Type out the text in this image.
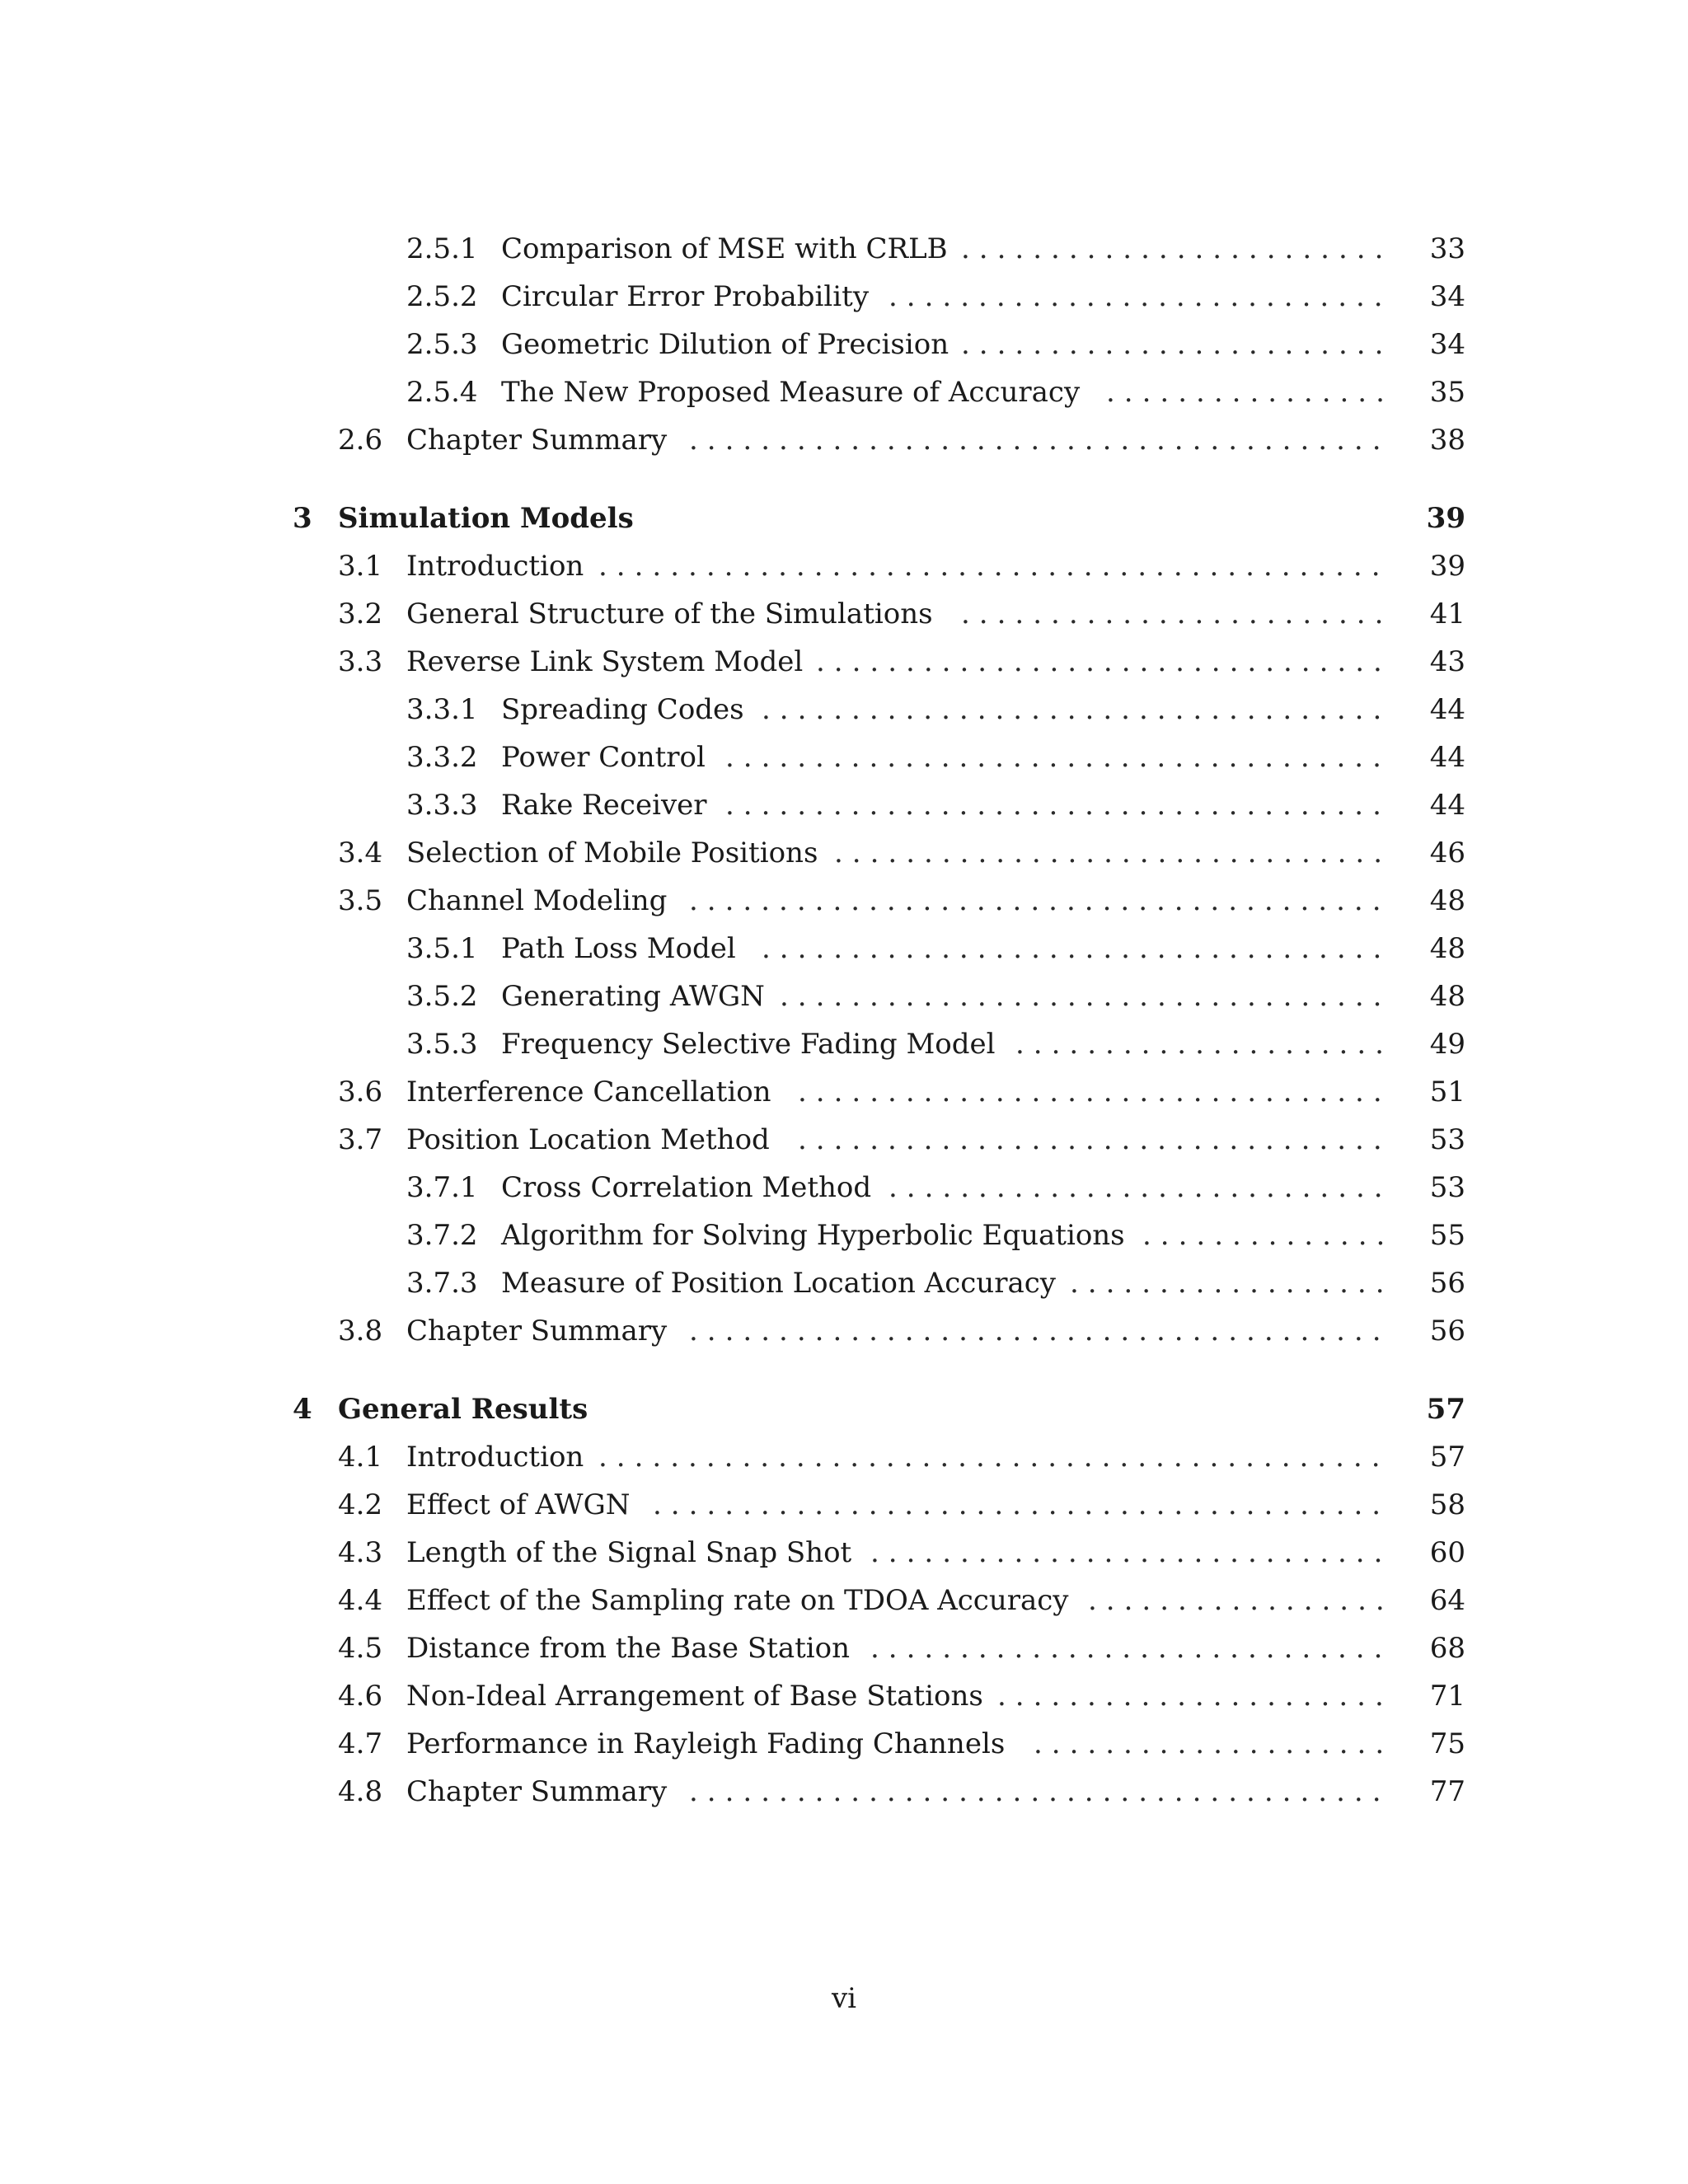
2.5.1 Comparison of MSE with CRLB	33
........................
2.5.2 Circular Error Probability	34
............................
2.5.3 Geometric Dilution of Precision	34
........................
2.5.4 The New Proposed Measure of Accuracy	35
................
2.6 Chapter Summary	38
.......................................
3 Simulation Models	39
3.1 Introduction	39
............................................
3.2 General Structure of the Simulations	41
........................
3.3 Reverse Link System Model	43
................................
3.3.1 Spreading Codes	44
...................................
3.3.2 Power Control	44
.....................................
3.3.3 Rake Receiver	44
.....................................
3.4 Selection of Mobile Positions	46
...............................
3.5 Channel Modeling	48
.......................................
3.5.1 Path Loss Model	48
...................................
3.5.2 Generating AWGN	48
..................................
3.5.3 Frequency Selective Fading Model	49
.....................
3.6 Interference Cancellation	51
.................................
3.7 Position Location Method	53
.................................
3.7.1 Cross Correlation Method	53
............................
3.7.2 Algorithm for Solving Hyperbolic Equations	55
..............
3.7.3 Measure of Position Location Accuracy	56
..................
3.8 Chapter Summary	56
.......................................
4 General Results	57
4.1 Introduction	57
............................................
4.2 Effect of AWGN	58
.........................................
4.3 Length of the Signal Snap Shot	60
.............................
4.4 Effect of the Sampling rate on TDOA Accuracy	64
.................
4.5 Distance from the Base Station	68
.............................
4.6 Non-Ideal Arrangement of Base Stations	71
......................
4.7 Performance in Rayleigh Fading Channels	75
....................
4.8 Chapter Summary	77
.......................................
vi
